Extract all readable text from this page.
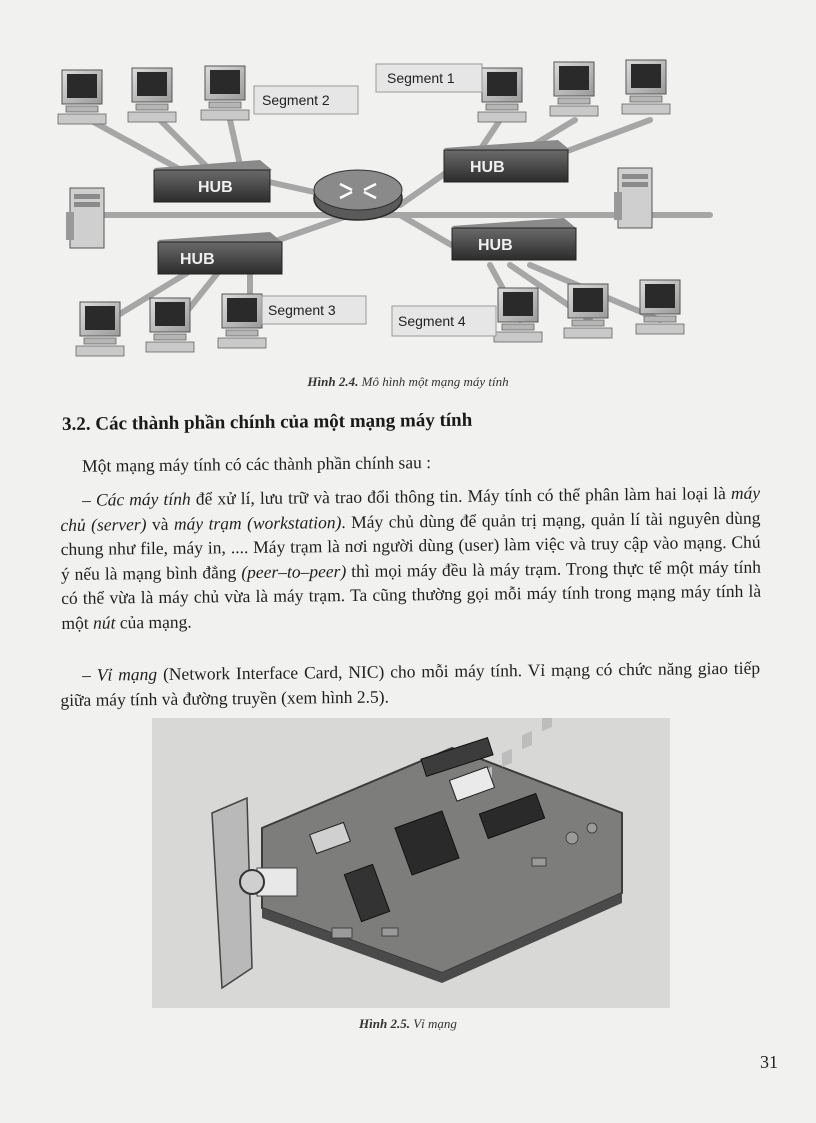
HUB
HUB
HUB
HUB
Segment 1
Segment 2
Segment 3
Segment 4
Hình 2.4. Mô hình một mạng máy tính
3.2. Các thành phần chính của một mạng máy tính

Một mạng máy tính có các thành phần chính sau :

– Các máy tính để xử lí, lưu trữ và trao đổi thông tin. Máy tính có thể phân làm hai loại là máy chủ (server) và máy trạm (workstation). Máy chủ dùng để quản trị mạng, quản lí tài nguyên dùng chung như file, máy in, .... Máy trạm là nơi người dùng (user) làm việc và truy cập vào mạng. Chú ý nếu là mạng bình đẳng (peer–to–peer) thì mọi máy đều là máy trạm. Trong thực tế một máy tính có thể vừa là máy chủ vừa là máy trạm. Ta cũng thường gọi mỗi máy tính trong mạng máy tính là một nút của mạng.

– Vỉ mạng (Network Interface Card, NIC) cho mỗi máy tính. Vỉ mạng có chức năng giao tiếp giữa máy tính và đường truyền (xem hình 2.5).

Hình 2.5. Vỉ mạng
31
